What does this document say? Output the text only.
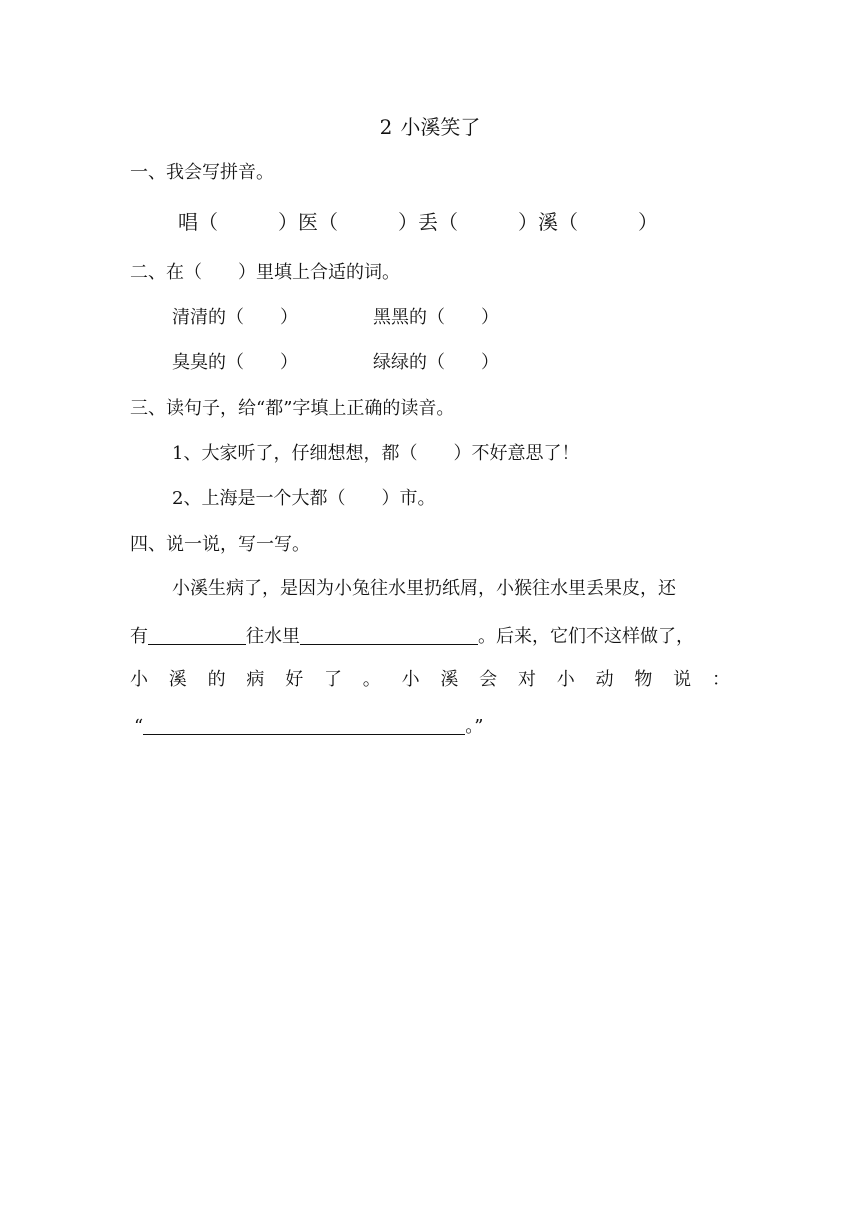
2 小溪笑了
一、我会写拼音。
唱（	）医（	）丢（	）溪（	）
二、在（　　）里填上合适的词。
清清的（　　）	黑黑的（　　）
臭臭的（　　）	绿绿的（　　）
三、读句子，给“都”字填上正确的读音。
1、大家听了，仔细想想，都（　　）不好意思了！
2、上海是一个大都（　　）市。
四、说一说，写一写。
小溪生病了，是因为小兔往水里扔纸屑，小猴往水里丢果皮，还
有	往水里	。后来，它们不这样做了，
小 溪 的 病 好 了 。 小 溪 会 对 小 动 物 说 ：
“	。”
